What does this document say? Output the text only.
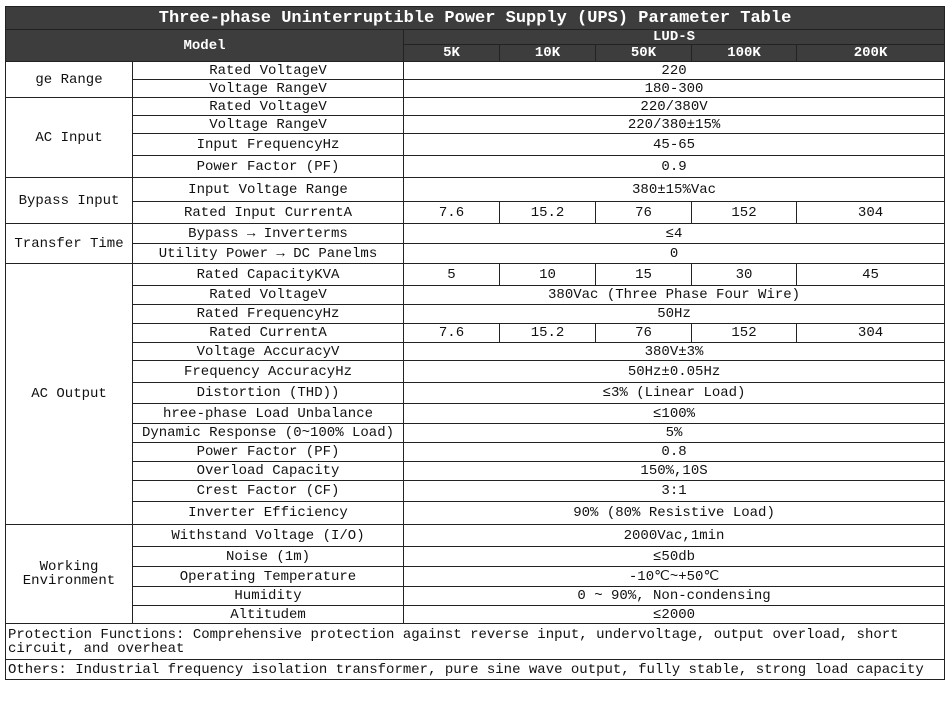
Three-phase Uninterruptible Power Supply (UPS) Parameter Table						
Model		LUD-S				
		5K	10K	50K	100K	200K
ge Range	Rated VoltageV	220				
	Voltage RangeV	180-300				
AC Input	Rated VoltageV	220/380V				
	Voltage RangeV	220/380±15%				
	Input FrequencyHz	45-65				
	Power Factor (PF)	0.9				
Bypass Input	Input Voltage Range	380±15%Vac				
	Rated Input CurrentA	7.6	15.2	76	152	304
Transfer Time	Bypass → Inverterms	≤4				
	Utility Power → DC Panelms	0				
AC Output	Rated CapacityKVA	5	10	15	30	45
	Rated VoltageV	380Vac (Three Phase Four Wire)				
	Rated FrequencyHz	50Hz				
	Rated CurrentA	7.6	15.2	76	152	304
	Voltage AccuracyV	380V±3%				
	Frequency AccuracyHz	50Hz±0.05Hz				
	Distortion (THD))	≤3% (Linear Load)				
	hree-phase Load Unbalance	≤100%				
	Dynamic Response (0~100% Load)	5%				
	Power Factor (PF)	0.8				
	Overload Capacity	150%,10S				
	Crest Factor (CF)	3:1				
	Inverter Efficiency	90% (80% Resistive Load)				
Working
Environment	Withstand Voltage (I/O)	2000Vac,1min				
	Noise (1m)	≤50db				
	Operating Temperature	-10℃~+50℃				
	Humidity	0 ~ 90%, Non-condensing				
	Altitudem	≤2000				
Protection Functions: Comprehensive protection against reverse input, undervoltage, output overload, short circuit, and overheat						
Others: Industrial frequency isolation transformer, pure sine wave output, fully stable, strong load capacity						
